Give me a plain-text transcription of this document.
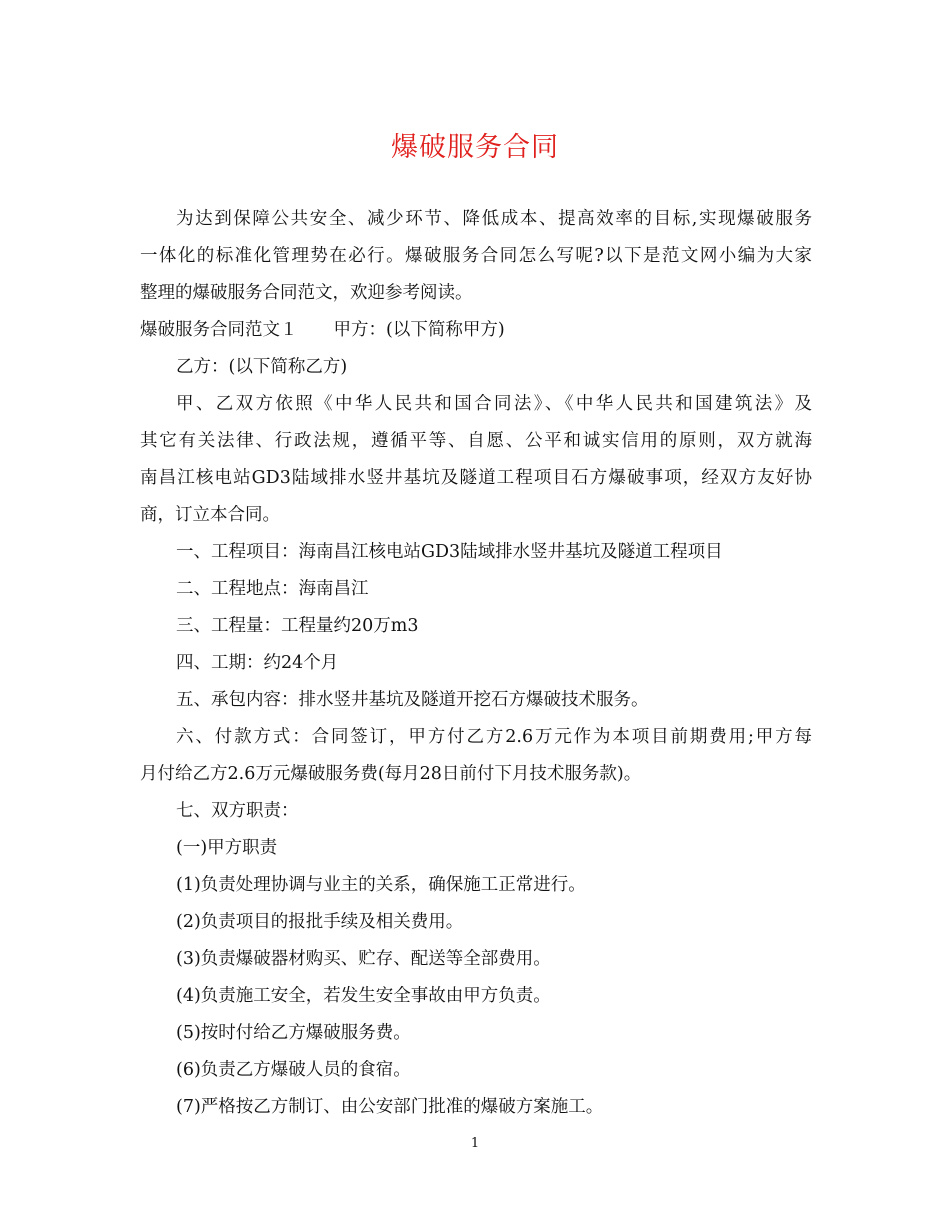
爆破服务合同

为达到保障公共安全、减少环节、降低成本、提高效率的目标,实现爆破服务

一体化的标准化管理势在必行。爆破服务合同怎么写呢?以下是范文网小编为大家

整理的爆破服务合同范文，欢迎参考阅读。

爆破服务合同范文１ 甲方：(以下简称甲方)

乙方：(以下简称乙方)

甲、乙双方依照《中华人民共和国合同法》、《中华人民共和国建筑法》及

其它有关法律、行政法规，遵循平等、自愿、公平和诚实信用的原则，双方就海

南昌江核电站GD3陆域排水竖井基坑及隧道工程项目石方爆破事项，经双方友好协

商，订立本合同。

一、工程项目：海南昌江核电站GD3陆域排水竖井基坑及隧道工程项目

二、工程地点：海南昌江

三、工程量：工程量约20万m3

四、工期：约24个月

五、承包内容：排水竖井基坑及隧道开挖石方爆破技术服务。

六、付款方式：合同签订，甲方付乙方2.6万元作为本项目前期费用;甲方每

月付给乙方2.6万元爆破服务费(每月28日前付下月技术服务款)。

七、双方职责：

(一)甲方职责

(1)负责处理协调与业主的关系，确保施工正常进行。

(2)负责项目的报批手续及相关费用。

(3)负责爆破器材购买、贮存、配送等全部费用。

(4)负责施工安全，若发生安全事故由甲方负责。

(5)按时付给乙方爆破服务费。

(6)负责乙方爆破人员的食宿。

(7)严格按乙方制订、由公安部门批准的爆破方案施工。

1
